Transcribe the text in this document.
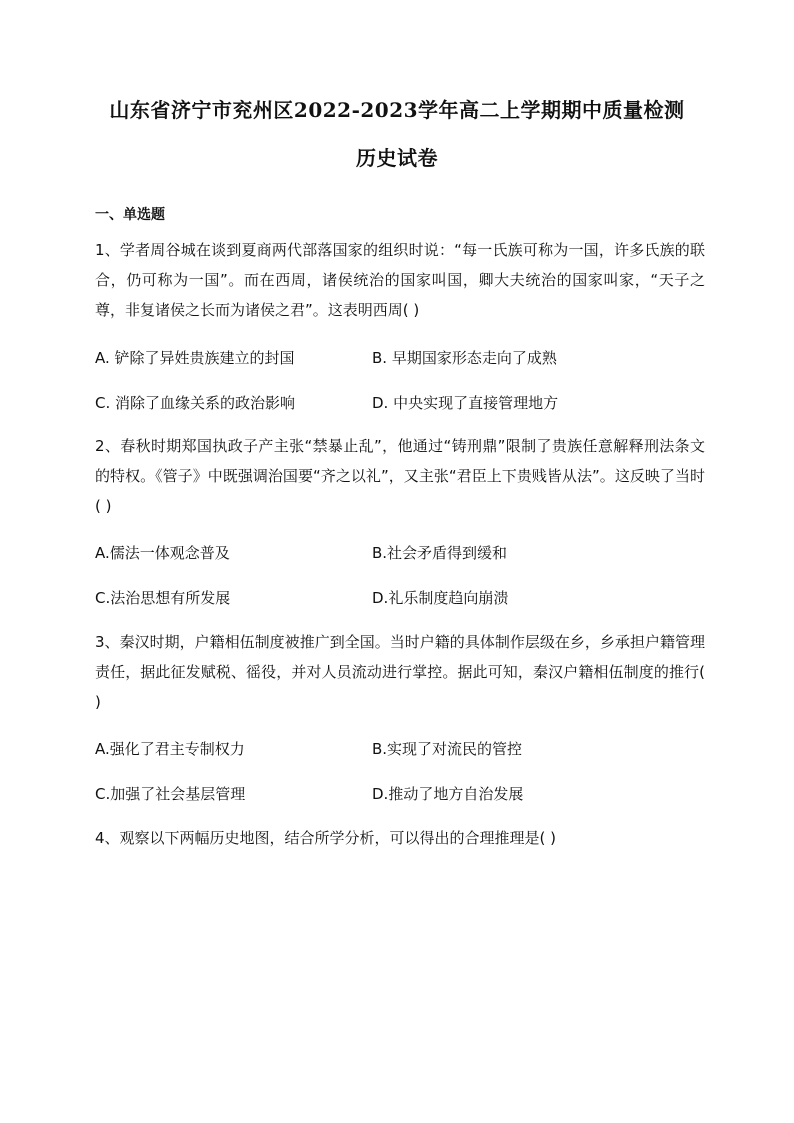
山东省济宁市兖州区2022-2023学年高二上学期期中质量检测
历史试卷
一、单选题
1、学者周谷城在谈到夏商两代部落国家的组织时说：“每一氏族可称为一国，许多氏族的联合，仍可称为一国”。而在西周，诸侯统治的国家叫国，卿大夫统治的国家叫家，“天子之尊，非复诸侯之长而为诸侯之君”。这表明西周( )
A. 铲除了异姓贵族建立的封国	B. 早期国家形态走向了成熟
C. 消除了血缘关系的政治影响	D. 中央实现了直接管理地方
2、春秋时期郑国执政子产主张“禁暴止乱”，他通过“铸刑鼎”限制了贵族任意解释刑法条文的特权。《管子》中既强调治国要“齐之以礼”，又主张“君臣上下贵贱皆从法”。这反映了当时( )
A.儒法一体观念普及	B.社会矛盾得到缓和
C.法治思想有所发展	D.礼乐制度趋向崩溃
3、秦汉时期，户籍相伍制度被推广到全国。当时户籍的具体制作层级在乡，乡承担户籍管理责任，据此征发赋税、徭役，并对人员流动进行掌控。据此可知，秦汉户籍相伍制度的推行( )
A.强化了君主专制权力	B.实现了对流民的管控
C.加强了社会基层管理	D.推动了地方自治发展
4、观察以下两幅历史地图，结合所学分析，可以得出的合理推理是( )
